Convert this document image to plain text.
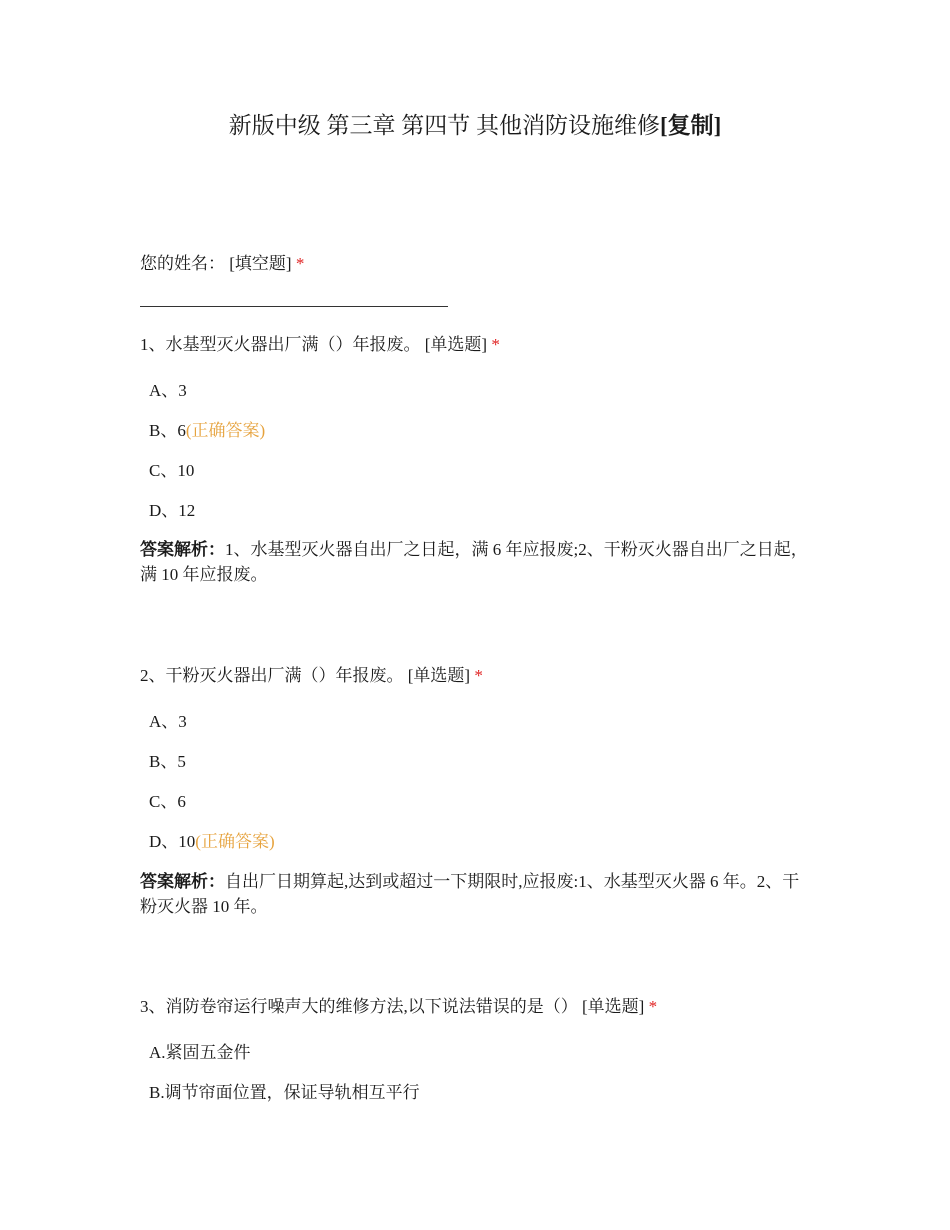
新版中级 第三章 第四节 其他消防设施维修[复制]
您的姓名： [填空题] *
1、水基型灭火器出厂满（）年报废。 [单选题] *
A、3
B、6(正确答案)
C、10
D、12
答案解析：1、水基型灭火器自出厂之日起，满 6 年应报废;2、干粉灭火器自出厂之日起，满 10 年应报废。
2、干粉灭火器出厂满（）年报废。 [单选题] *
A、3
B、5
C、6
D、10(正确答案)
答案解析：自出厂日期算起,达到或超过一下期限时,应报废:1、水基型灭火器 6 年。2、干粉灭火器 10 年。
3、消防卷帘运行噪声大的维修方法,以下说法错误的是（） [单选题] *
A.紧固五金件
B.调节帘面位置，保证导轨相互平行
